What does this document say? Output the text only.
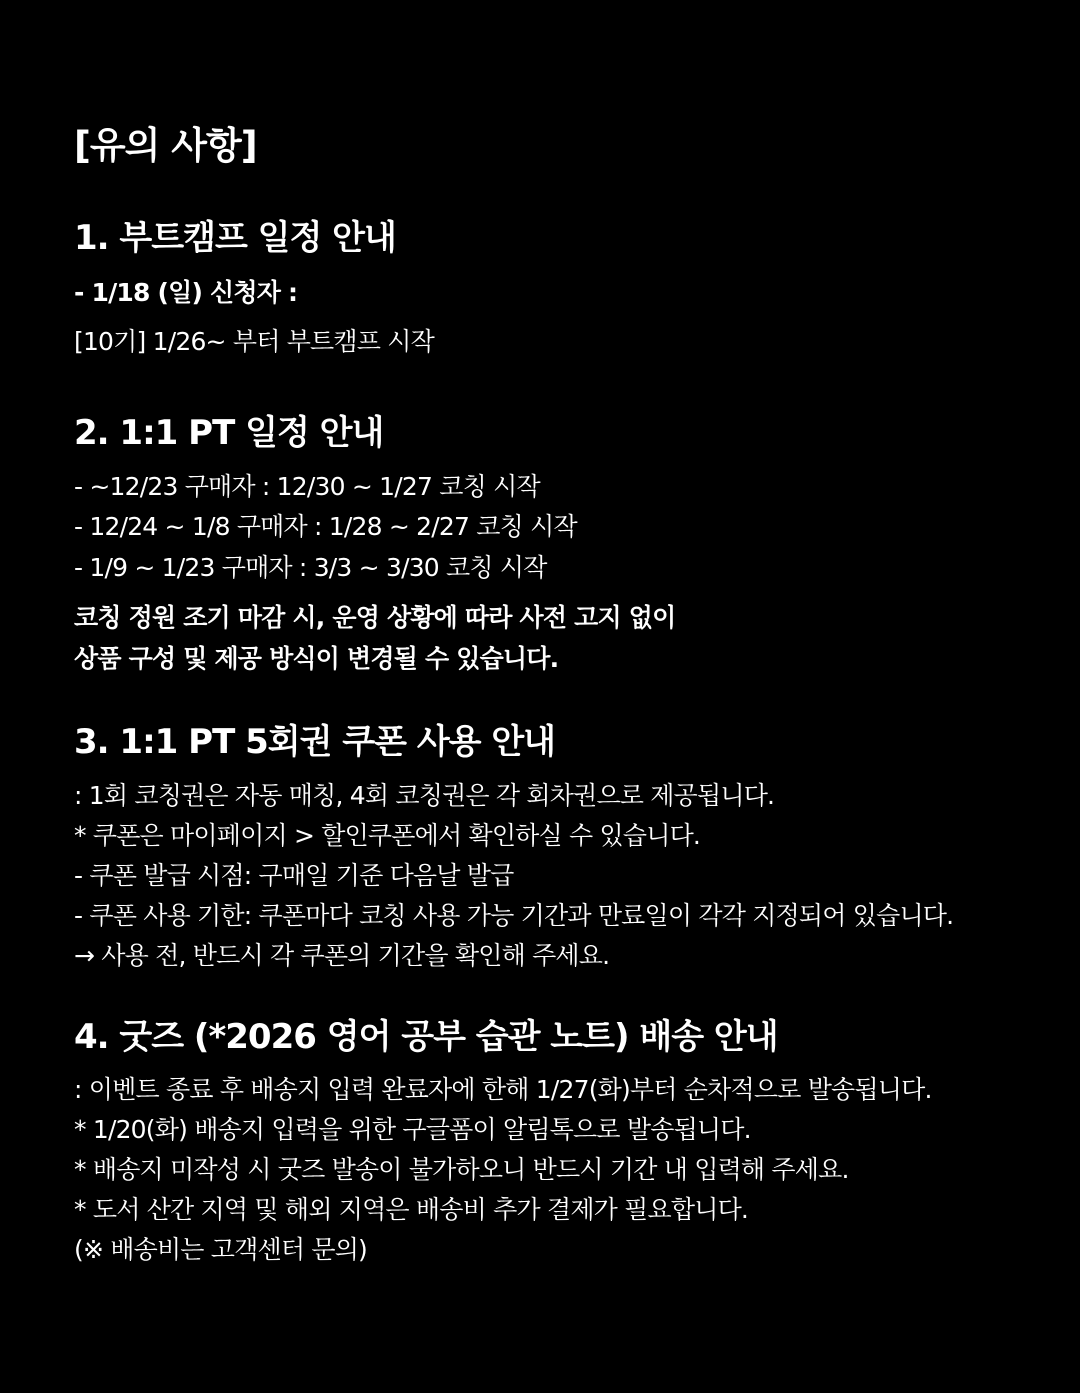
[유의 사항]
1. 부트캠프 일정 안내
- 1/18 (일) 신청자 :
[10기] 1/26~ 부터 부트캠프 시작
2. 1:1 PT 일정 안내
- ~12/23 구매자 : 12/30 ~ 1/27 코칭 시작
- 12/24 ~ 1/8 구매자 : 1/28 ~ 2/27 코칭 시작
- 1/9 ~ 1/23 구매자 : 3/3 ~ 3/30 코칭 시작
코칭 정원 조기 마감 시, 운영 상황에 따라 사전 고지 없이
상품 구성 및 제공 방식이 변경될 수 있습니다.
3. 1:1 PT 5회권 쿠폰 사용 안내
: 1회 코칭권은 자동 매칭, 4회 코칭권은 각 회차권으로 제공됩니다.
* 쿠폰은 마이페이지 > 할인쿠폰에서 확인하실 수 있습니다.
- 쿠폰 발급 시점: 구매일 기준 다음날 발급
- 쿠폰 사용 기한: 쿠폰마다 코칭 사용 가능 기간과 만료일이 각각 지정되어 있습니다.
→ 사용 전, 반드시 각 쿠폰의 기간을 확인해 주세요.
4. 굿즈 (*2026 영어 공부 습관 노트) 배송 안내
: 이벤트 종료 후 배송지 입력 완료자에 한해 1/27(화)부터 순차적으로 발송됩니다.
* 1/20(화) 배송지 입력을 위한 구글폼이 알림톡으로 발송됩니다.
* 배송지 미작성 시 굿즈 발송이 불가하오니 반드시 기간 내 입력해 주세요.
* 도서 산간 지역 및 해외 지역은 배송비 추가 결제가 필요합니다.
(※ 배송비는 고객센터 문의)
